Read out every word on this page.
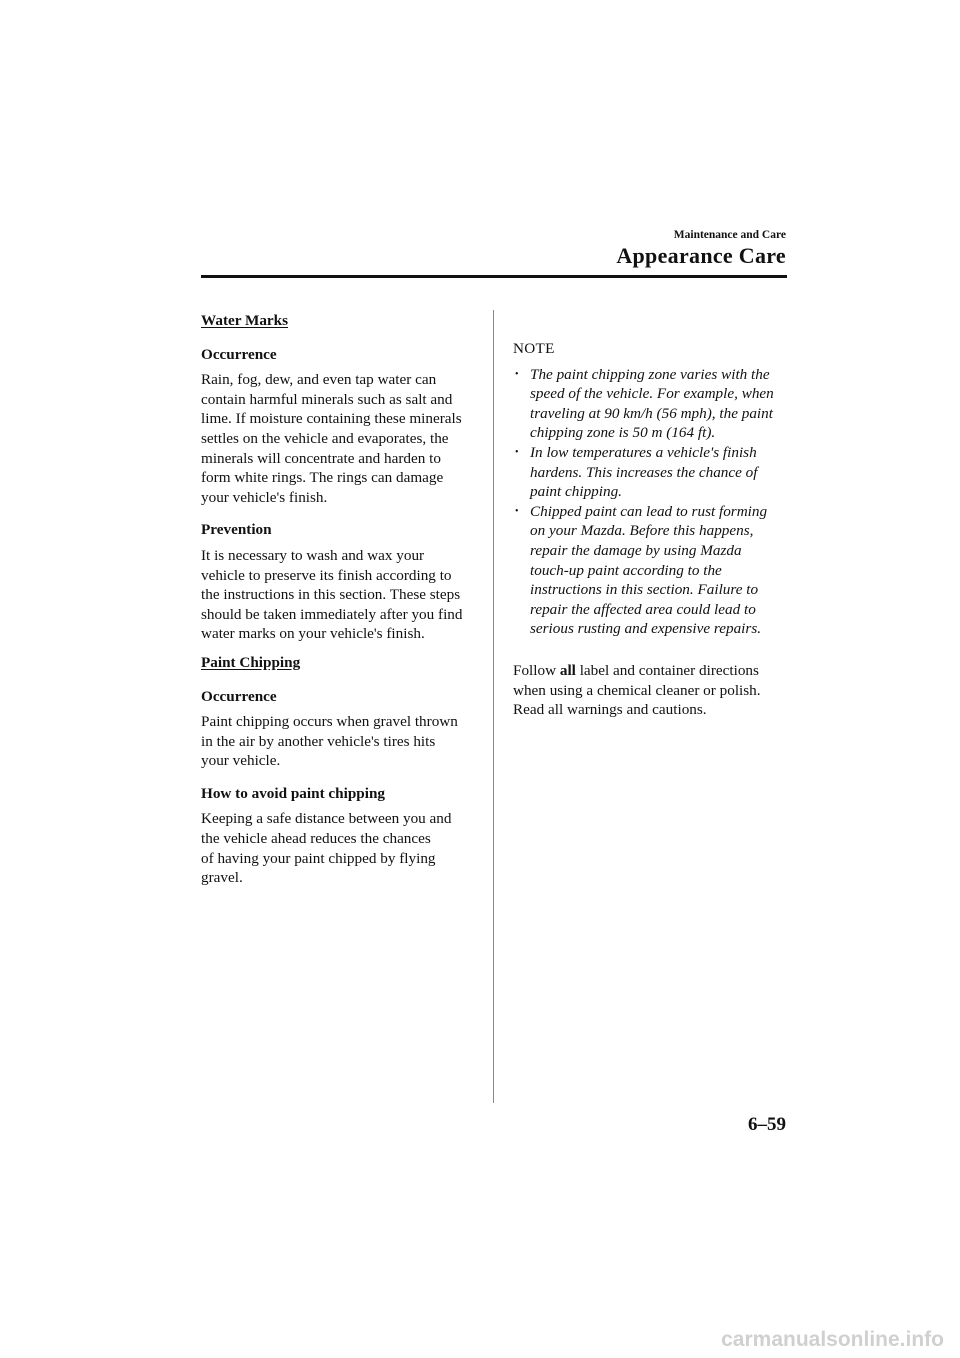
Maintenance and Care
Appearance Care

Water Marks

Occurrence

Rain, fog, dew, and even tap water can
contain harmful minerals such as salt and
lime. If moisture containing these minerals
settles on the vehicle and evaporates, the
minerals will concentrate and harden to
form white rings. The rings can damage
your vehicle's finish.

Prevention

It is necessary to wash and wax your
vehicle to preserve its finish according to
the instructions in this section. These steps
should be taken immediately after you find
water marks on your vehicle's finish.

Paint Chipping

Occurrence

Paint chipping occurs when gravel thrown
in the air by another vehicle's tires hits
your vehicle.

How to avoid paint chipping

Keeping a safe distance between you and
the vehicle ahead reduces the chances
of having your paint chipped by flying
gravel.

NOTE

• The paint chipping zone varies with the
speed of the vehicle. For example, when
traveling at 90 km/h (56 mph), the paint
chipping zone is 50 m (164 ft).
• In low temperatures a vehicle's finish
hardens. This increases the chance of
paint chipping.
• Chipped paint can lead to rust forming
on your Mazda. Before this happens,
repair the damage by using Mazda
touch-up paint according to the
instructions in this section. Failure to
repair the affected area could lead to
serious rusting and expensive repairs.

Follow all label and container directions
when using a chemical cleaner or polish.
Read all warnings and cautions.

6–59
carmanualsonline.info
